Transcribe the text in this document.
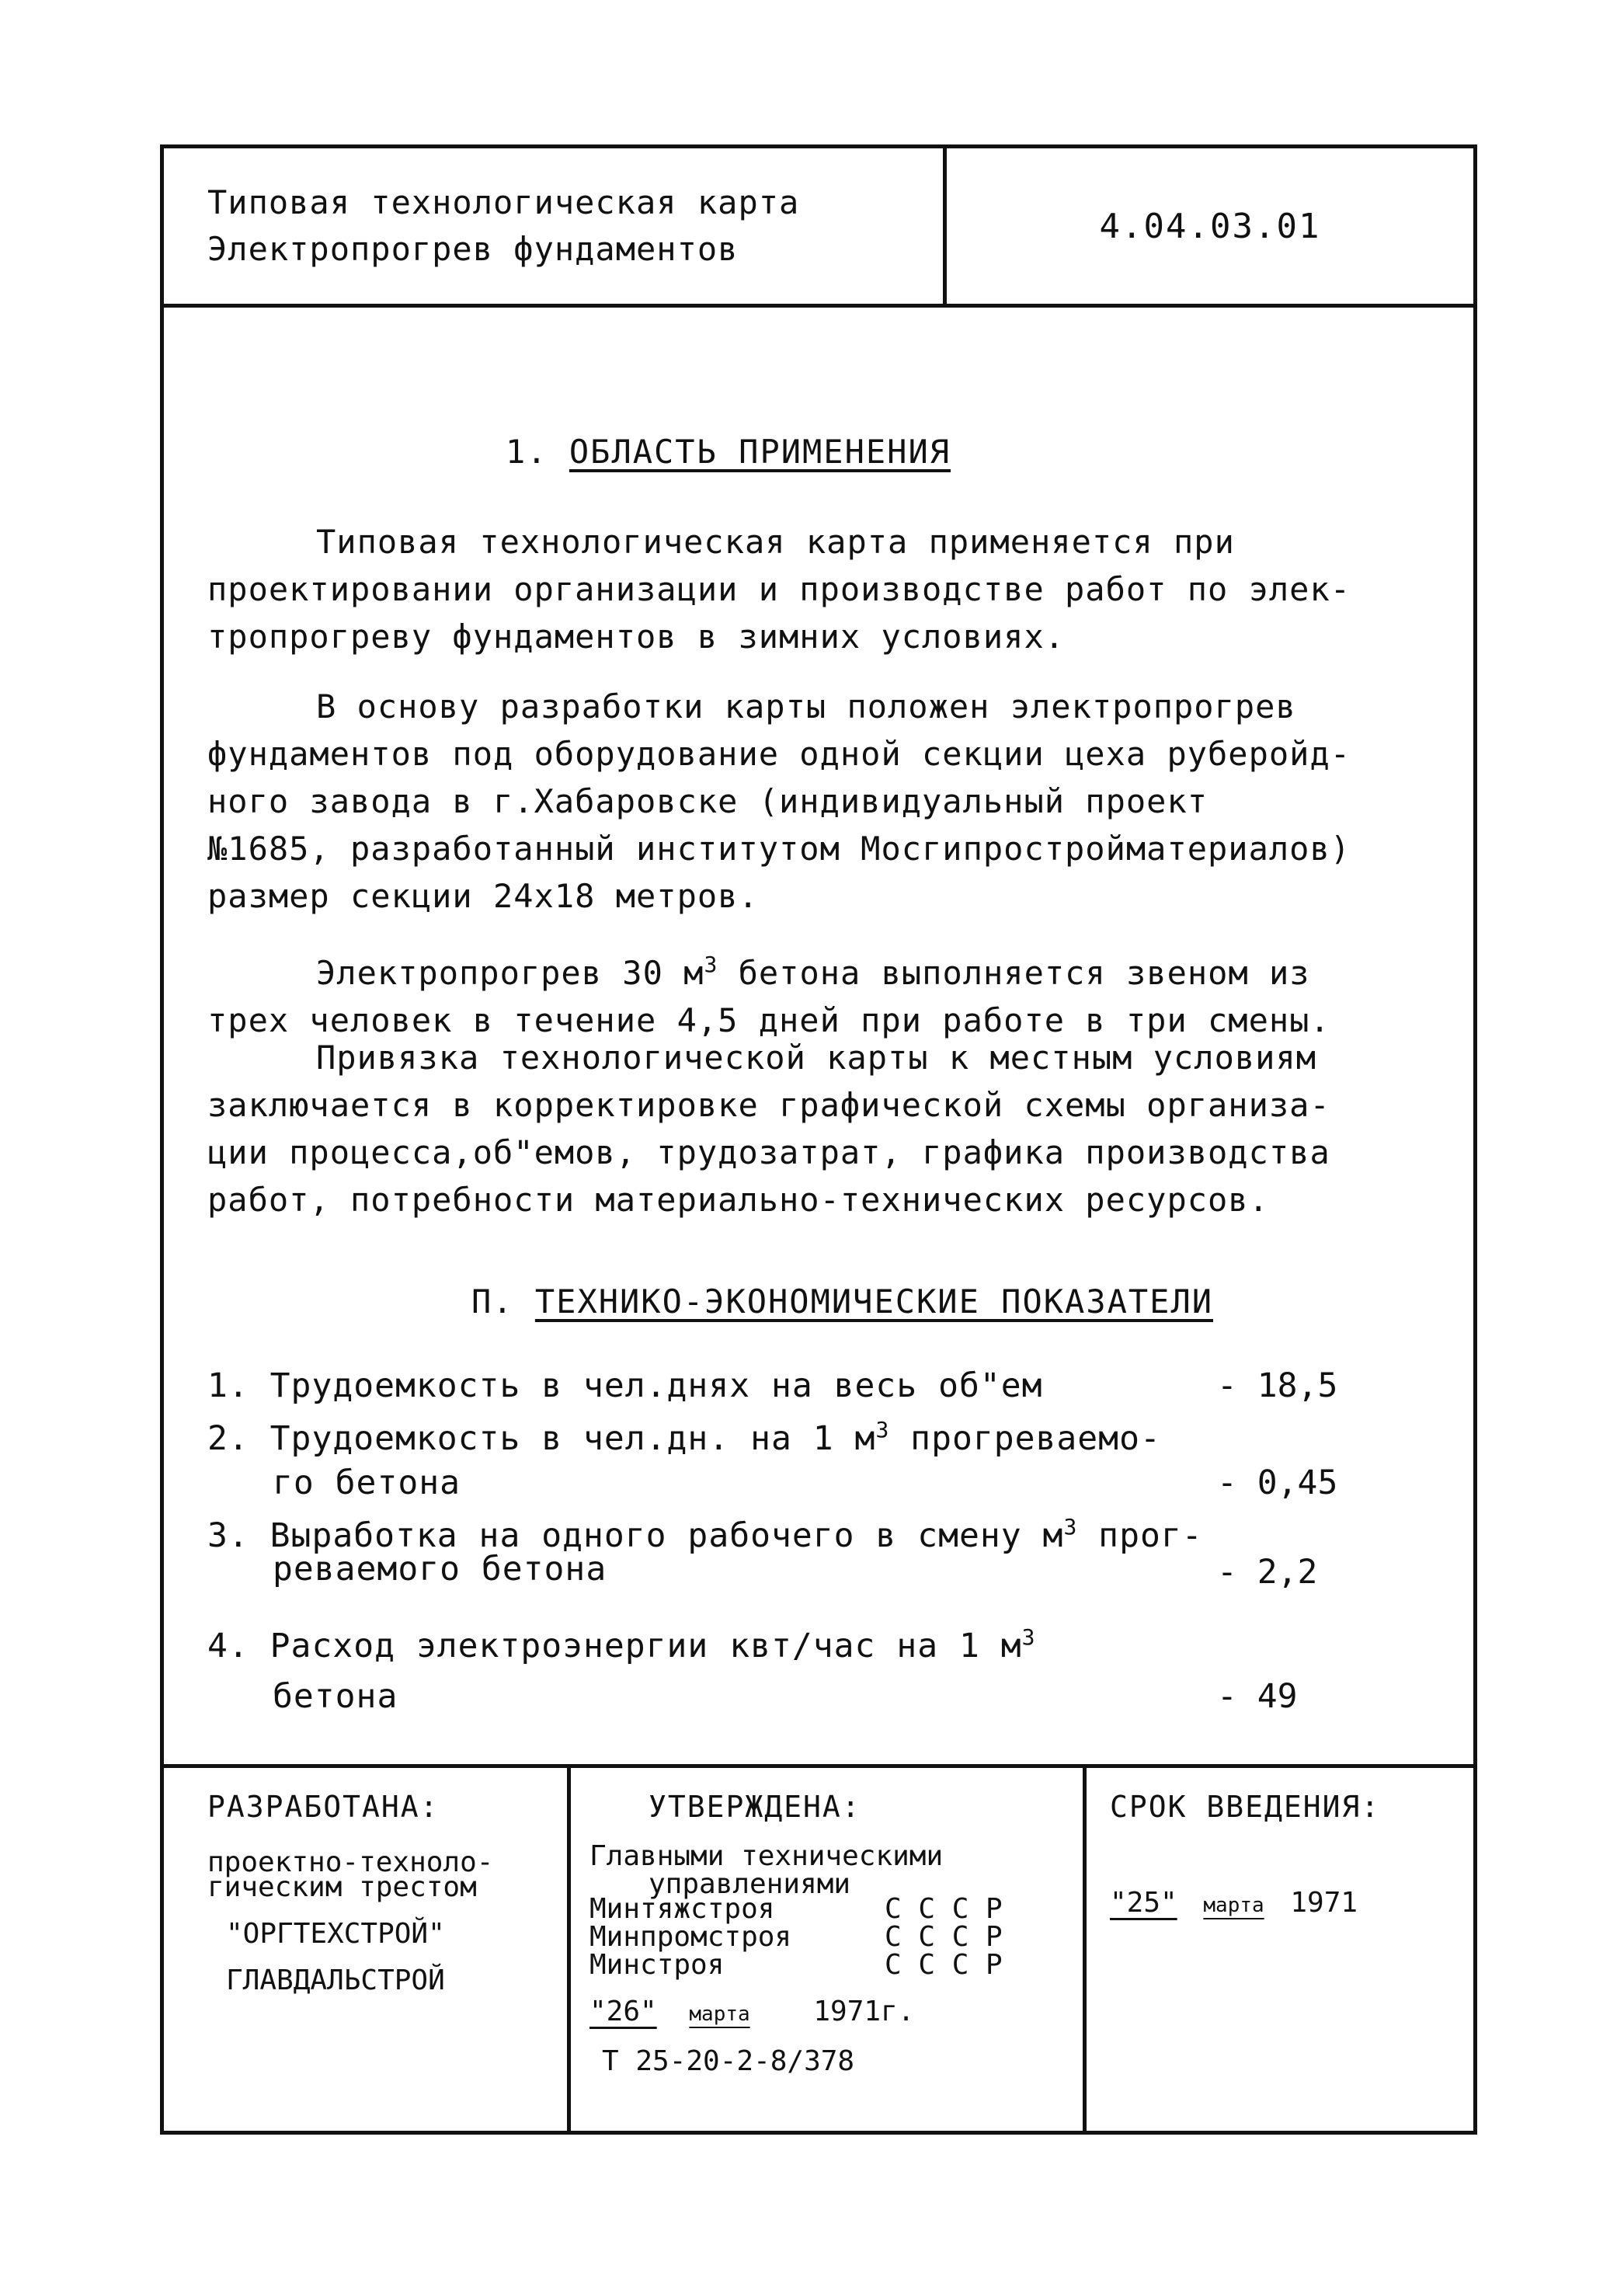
Типовая технологическая карта
Электропрогрев фундаментов
4.04.03.01
1. ОБЛАСТЬ ПРИМЕНЕНИЯ
Типовая технологическая карта применяется при
проектировании организации и производстве работ по элек-
тропрогреву фундаментов в зимних условиях.
В основу разработки карты положен электропрогрев
фундаментов под оборудование одной секции цеха руберойд-
ного завода в г.Хабаровске (индивидуальный проект
№1685, разработанный институтом Мосгипростройматериалов)
размер секции 24х18 метров.
Электропрогрев 30 $м^3$ бетона выполняется звеном из
трех человек в течение 4,5 дней при работе в три смены.
Привязка технологической карты к местным условиям
заключается в корректировке графической схемы организа-
ции процесса,об"емов, трудозатрат, графика производства
работ, потребности материально-технических ресурсов.
П. ТЕХНИКО-ЭКОНОМИЧЕСКИЕ ПОКАЗАТЕЛИ
1. Трудоемкость в чел.днях на весь об"ем	- 18,5
2. Трудоемкость в чел.дн. на 1 $м^3$ прогреваемо-
го бетона	- 0,45
3. Выработка на одного рабочего в смену $м^3$ прог-
реваемого бетона	- 2,2
4. Расход электроэнергии квт/час на 1 $м^3$
бетона	- 49
РАЗРАБОТАНА:
проектно-техноло-
гическим трестом
"ОРГТЕХСТРОЙ"
ГЛАВДАЛЬСТРОЙ
УТВЕРЖДЕНА:
Главными техническими
управлениями
Минтяжстроя	С С С Р
Минпромстроя	С С С Р
Минстроя	С С С Р
"26" марта 1971г.
Т 25-20-2-8/378
СРОК ВВЕДЕНИЯ:
"25" марта 1971
